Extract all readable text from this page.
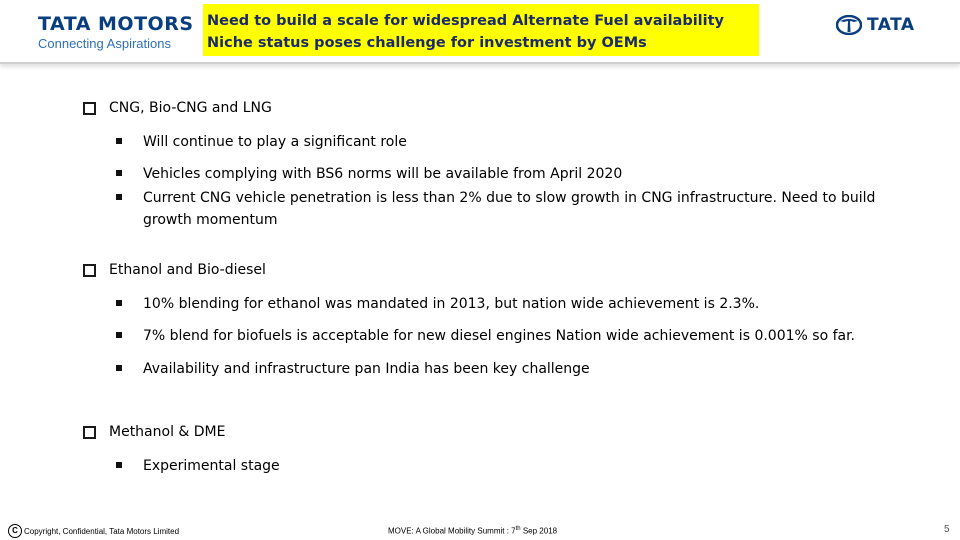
TATA MOTORS
Connecting Aspirations
Need to build a scale for widespread Alternate Fuel availability
Niche status poses challenge for investment by OEMs
TATA
CNG, Bio-CNG and LNG
Will continue to play a significant role
Vehicles complying with BS6 norms will be available from April 2020
Current CNG vehicle penetration is less than 2% due to slow growth in CNG infrastructure. Need to build growth momentum
Ethanol and Bio-diesel
10% blending for ethanol was mandated in 2013, but nation wide achievement is 2.3%.
7% blend for biofuels is acceptable for new diesel engines Nation wide achievement is 0.001% so far.
Availability and infrastructure pan India has been key challenge
Methanol & DME
Experimental stage
C Copyright, Confidential, Tata Motors Limited	MOVE: A Global Mobility Summit : 7th Sep 2018	5
